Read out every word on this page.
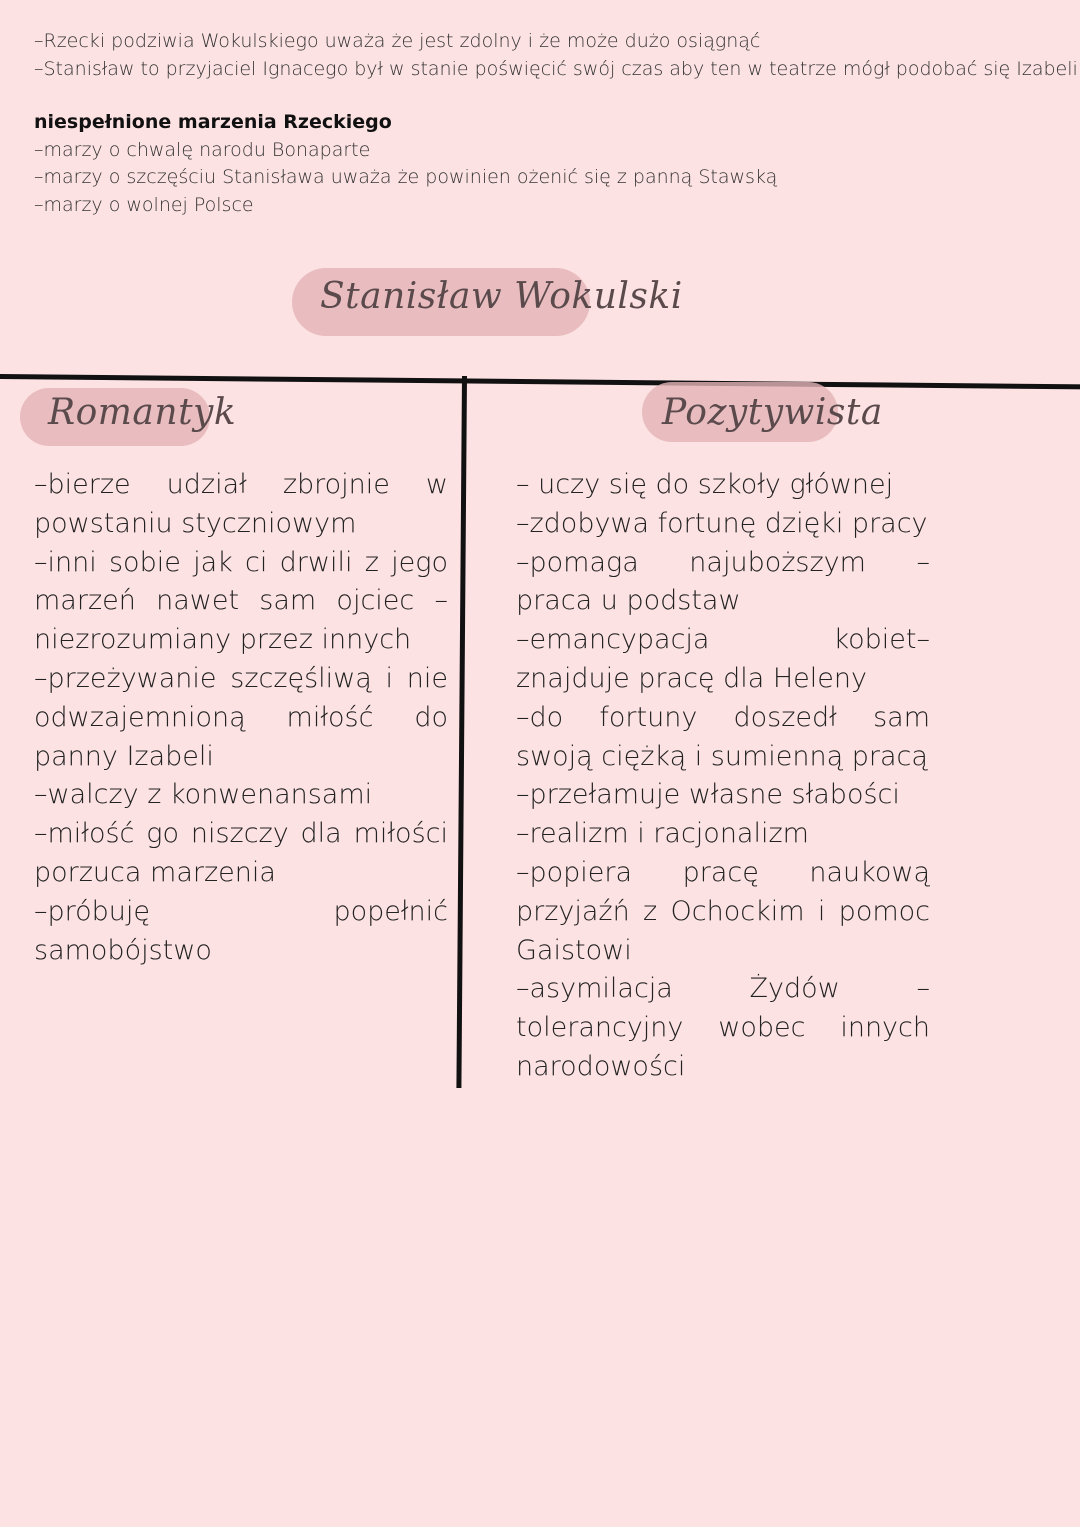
–Rzecki podziwia Wokulskiego uważa że jest zdolny i że może dużo osiągnąć
–Stanisław to przyjaciel Ignacego był w stanie poświęcić swój czas aby ten w teatrze mógł podobać się Izabeli
niespełnione marzenia Rzeckiego
–marzy o chwalę narodu Bonaparte
–marzy o szczęściu Stanisława uważa że powinien ożenić się z panną Stawską
–marzy o wolnej Polsce
Stanisław Wokulski
Romantyk	Pozytywista
–bierze udział zbrojnie w powstaniu styczniowym
–inni sobie jak ci drwili z jego marzeń nawet sam ojciec – niezrozumiany przez innych
–przeżywanie szczęśliwą i nie odwzajemnioną miłość do panny Izabeli
–walczy z konwenansami
–miłość go niszczy dla miłości porzuca marzenia
–próbuję popełnić samobójstwo
– uczy się do szkoły głównej
–zdobywa fortunę dzięki pracy
–pomaga najuboższym – praca u podstaw
–emancypacja kobiet– znajduje pracę dla Heleny
–do fortuny doszedł sam swoją ciężką i sumienną pracą
–przełamuje własne słabości
–realizm i racjonalizm
–popiera pracę naukową przyjaźń z Ochockim i pomoc Gaistowi
–asymilacja Żydów – tolerancyjny wobec innych narodowości
